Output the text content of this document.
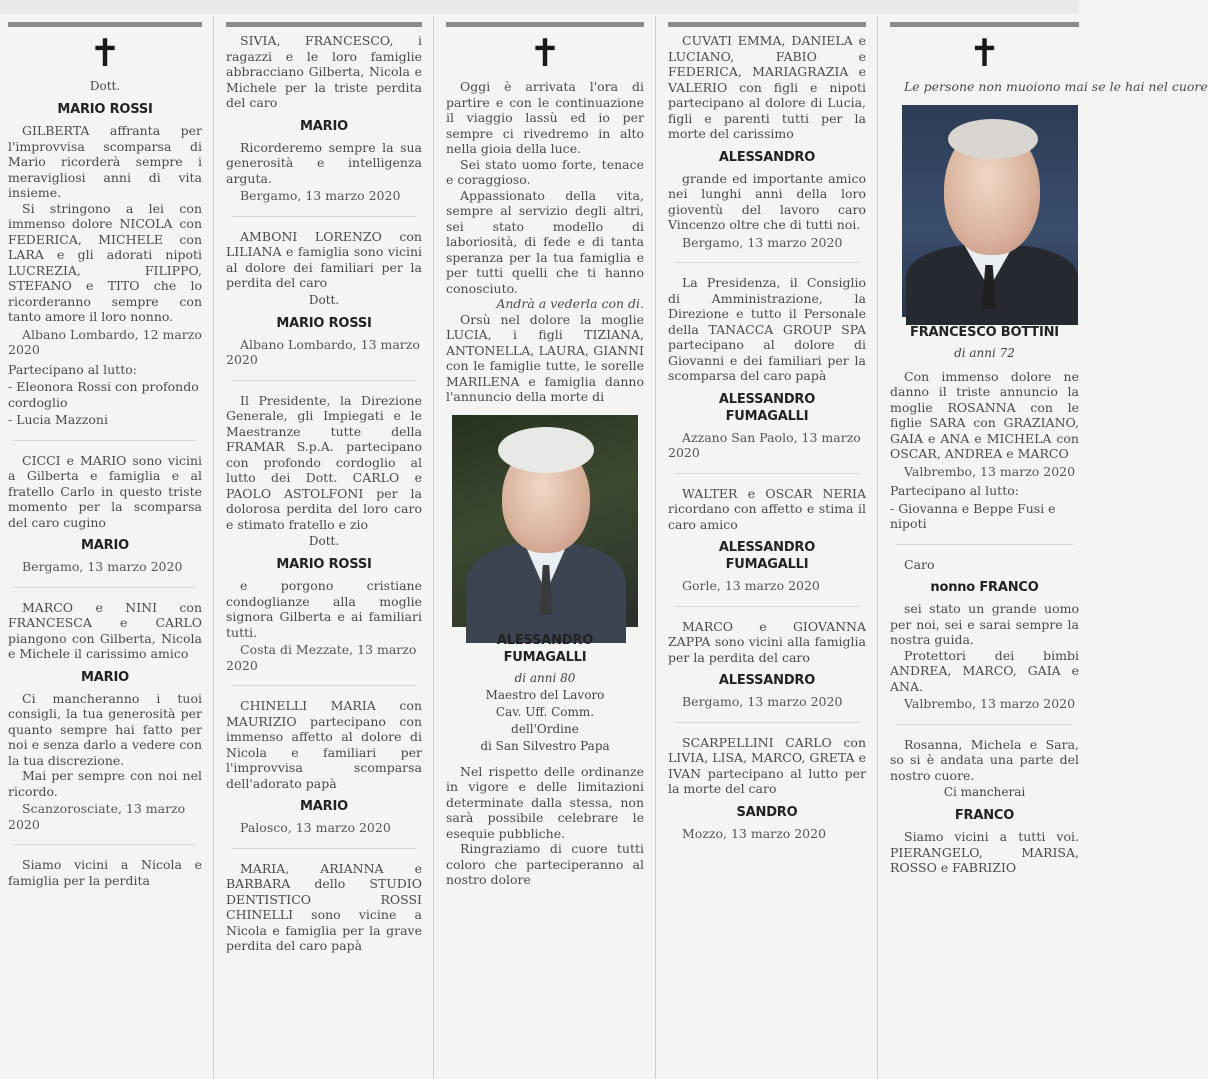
✝

Dott.

MARIO ROSSI

GILBERTA affranta per l'improvvisa scomparsa di Mario ricorderà sempre i meravigliosi anni di vita insieme.

Si stringono a lei con immenso dolore NICOLA con FEDERICA, MICHELE con LARA e gli adorati nipoti LUCREZIA, FILIPPO, STEFANO e TITO che lo ricorderanno sempre con tanto amore il loro nonno.

Albano Lombardo, 12 marzo 2020

Partecipano al lutto:

- Eleonora Rossi con profondo cordoglio

- Lucia Mazzoni

CICCI e MARIO sono vicini a Gilberta e famiglia e al fratello Carlo in questo triste momento per la scomparsa del caro cugino

MARIO

Bergamo, 13 marzo 2020

MARCO e NINI con FRANCESCA e CARLO piangono con Gilberta, Nicola e Michele il carissimo amico

MARIO

Ci mancheranno i tuoi consigli, la tua generosità per quanto sempre hai fatto per noi e senza darlo a vedere con la tua discrezione.

Mai per sempre con noi nel ricordo.

Scanzorosciate, 13 marzo 2020

Siamo vicini a Nicola e famiglia per la perdita

SIVIA, FRANCESCO, i ragazzi e le loro famiglie abbracciano Gilberta, Nicola e Michele per la triste perdita del caro

MARIO

Ricorderemo sempre la sua generosità e intelligenza arguta.

Bergamo, 13 marzo 2020

AMBONI LORENZO con LILIANA e famiglia sono vicini al dolore dei familiari per la perdita del caro

Dott.

MARIO ROSSI

Albano Lombardo, 13 marzo 2020

Il Presidente, la Direzione Generale, gli Impiegati e le Maestranze tutte della FRAMAR S.p.A. partecipano con profondo cordoglio al lutto dei Dott. CARLO e PAOLO ASTOLFONI per la dolorosa perdita del loro caro e stimato fratello e zio

Dott.

MARIO ROSSI

e porgono cristiane condoglianze alla moglie signora Gilberta e ai familiari tutti.

Costa di Mezzate, 13 marzo 2020

CHINELLI MARIA con MAURIZIO partecipano con immenso affetto al dolore di Nicola e familiari per l'improvvisa scomparsa dell'adorato papà

MARIO

Palosco, 13 marzo 2020

MARIA, ARIANNA e BARBARA dello STUDIO DENTISTICO ROSSI CHINELLI sono vicine a Nicola e famiglia per la grave perdita del caro papà

✝

Oggi è arrivata l'ora di partire e con le continuazione il viaggio lassù ed io per sempre ci rivedremo in alto nella gioia della luce.

Sei stato uomo forte, tenace e coraggioso.

Appassionato della vita, sempre al servizio degli altri, sei stato modello di laboriosità, di fede e di tanta speranza per la tua famiglia e per tutti quelli che ti hanno conosciuto.

Andrà a vederla con di.

Orsù nel dolore la moglie LUCIA, i figli TIZIANA, ANTONELLA, LAURA, GIANNI con le famiglie tutte, le sorelle MARILENA e famiglia danno l'annuncio della morte di

ALESSANDRO
FUMAGALLI

di anni 80

Maestro del Lavoro

Cav. Uff. Comm.

dell'Ordine

di San Silvestro Papa

Nel rispetto delle ordinanze in vigore e delle limitazioni determinate dalla stessa, non sarà possibile celebrare le esequie pubbliche.

Ringraziamo di cuore tutti coloro che parteciperanno al nostro dolore

CUVATI EMMA, DANIELA e LUCIANO, FABIO e FEDERICA, MARIAGRAZIA e VALERIO con figli e nipoti partecipano al dolore di Lucia, figli e parenti tutti per la morte del carissimo

ALESSANDRO

grande ed importante amico nei lunghi anni della loro gioventù del lavoro caro Vincenzo oltre che di tutti noi.

Bergamo, 13 marzo 2020

La Presidenza, il Consiglio di Amministrazione, la Direzione e tutto il Personale della TANACCA GROUP SPA partecipano al dolore di Giovanni e dei familiari per la scomparsa del caro papà

ALESSANDRO
FUMAGALLI

Azzano San Paolo, 13 marzo 2020

WALTER e OSCAR NERIA ricordano con affetto e stima il caro amico

ALESSANDRO
FUMAGALLI

Gorle, 13 marzo 2020

MARCO e GIOVANNA ZAPPA sono vicini alla famiglia per la perdita del caro

ALESSANDRO

Bergamo, 13 marzo 2020

SCARPELLINI CARLO con LIVIA, LISA, MARCO, GRETA e IVAN partecipano al lutto per la morte del caro

SANDRO

Mozzo, 13 marzo 2020

✝

Le persone non muoiono mai se le hai nel cuore

FRANCESCO BOTTINI

di anni 72

Con immenso dolore ne danno il triste annuncio la moglie ROSANNA con le figlie SARA con GRAZIANO, GAIA e ANA e MICHELA con OSCAR, ANDREA e MARCO

Valbrembo, 13 marzo 2020

Partecipano al lutto:

- Giovanna e Beppe Fusi e nipoti

Caro

nonno FRANCO

sei stato un grande uomo per noi, sei e sarai sempre la nostra guida.

Protettori dei bimbi ANDREA, MARCO, GAIA e ANA.

Valbrembo, 13 marzo 2020

Rosanna, Michela e Sara, so si è andata una parte del nostro cuore.

Ci mancherai

FRANCO

Siamo vicini a tutti voi. PIERANGELO, MARISA, ROSSO e FABRIZIO
